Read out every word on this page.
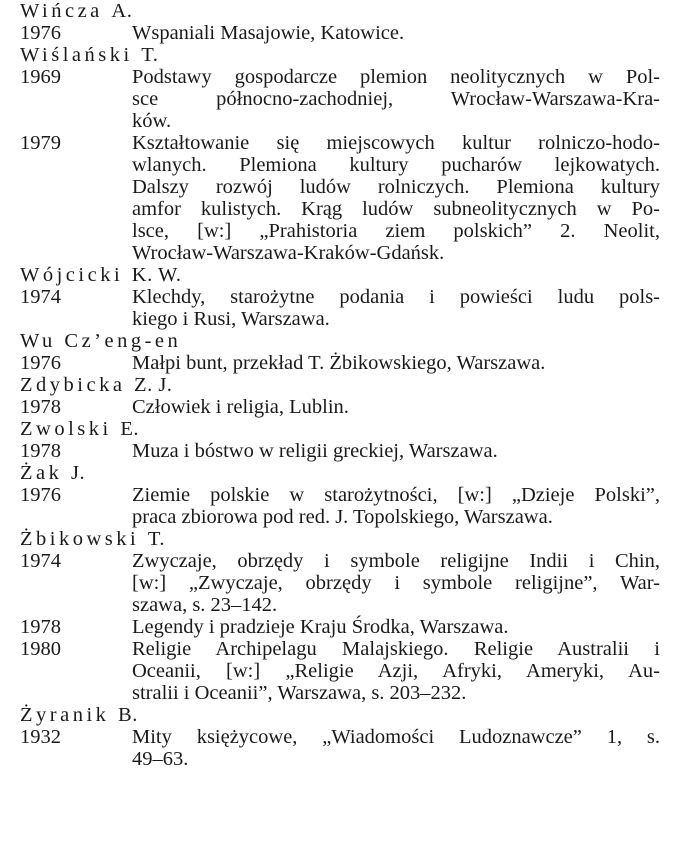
Wińcza A.
1976	Wspaniali Masajowie, Katowice.
Wiślański T.
1969	Podstawy gospodarcze plemion neolitycznych w Pol-
sce północno-zachodniej, Wrocław-Warszawa-Kra-
ków.
1979	Kształtowanie się miejscowych kultur rolniczo-hodo-
wlanych. Plemiona kultury pucharów lejkowatych.
Dalszy rozwój ludów rolniczych. Plemiona kultury
amfor kulistych. Krąg ludów subneolitycznych w Po-
lsce, [w:] „Prahistoria ziem polskich” 2. Neolit,
Wrocław-Warszawa-Kraków-Gdańsk.
Wójcicki K. W.
1974	Klechdy, starożytne podania i powieści ludu pols-
kiego i Rusi, Warszawa.
Wu Cz’eng-en
1976	Małpi bunt, przekład T. Żbikowskiego, Warszawa.
Zdybicka Z. J.
1978	Człowiek i religia, Lublin.
Zwolski E.
1978	Muza i bóstwo w religii greckiej, Warszawa.
Żak J.
1976	Ziemie polskie w starożytności, [w:] „Dzieje Polski”,
praca zbiorowa pod red. J. Topolskiego, Warszawa.
Żbikowski T.
1974	Zwyczaje, obrzędy i symbole religijne Indii i Chin,
[w:] „Zwyczaje, obrzędy i symbole religijne”, War-
szawa, s. 23–142.
1978	Legendy i pradzieje Kraju Środka, Warszawa.
1980	Religie Archipelagu Malajskiego. Religie Australii i
Oceanii, [w:] „Religie Azji, Afryki, Ameryki, Au-
stralii i Oceanii”, Warszawa, s. 203–232.
Żyranik B.
1932	Mity księżycowe, „Wiadomości Ludoznawcze” 1, s.
49–63.
